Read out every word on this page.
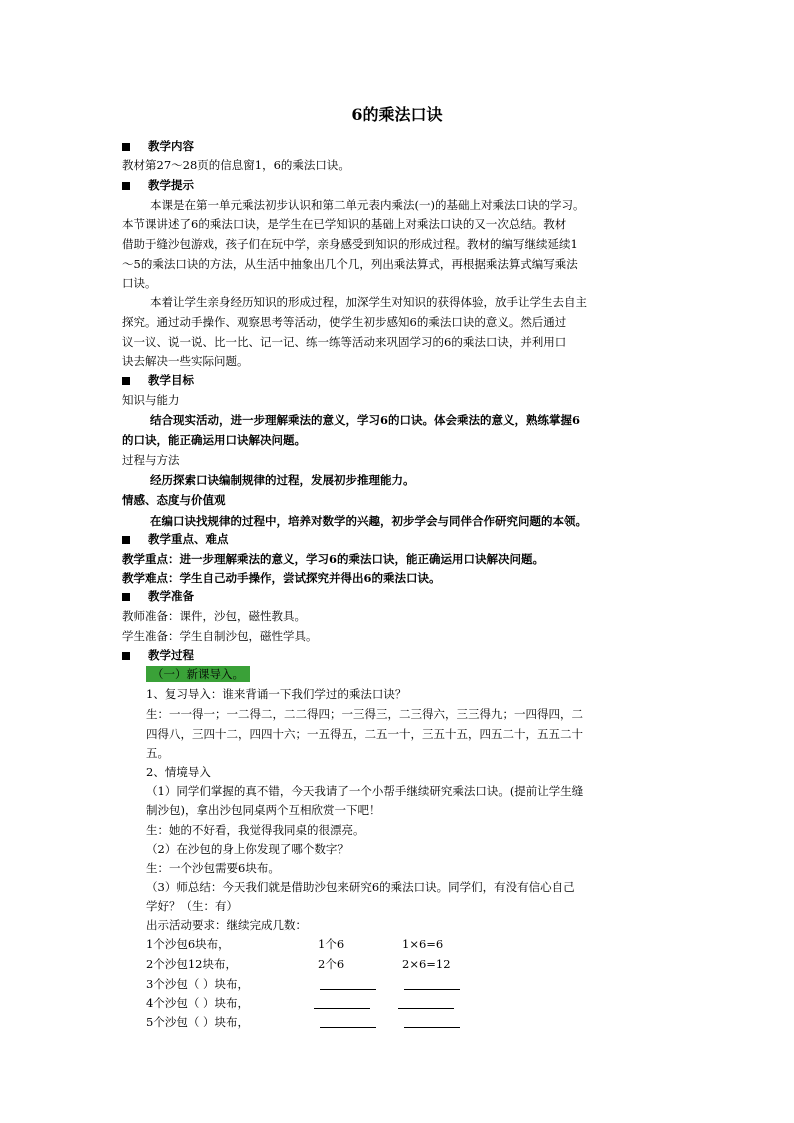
6的乘法口诀
教学内容
教材第27～28页的信息窗1，6的乘法口诀。
教学提示
本课是在第一单元乘法初步认识和第二单元表内乘法(一)的基础上对乘法口诀的学习。
本节课讲述了6的乘法口诀，是学生在已学知识的基础上对乘法口诀的又一次总结。教材
借助于缝沙包游戏，孩子们在玩中学，亲身感受到知识的形成过程。教材的编写继续延续1
～5的乘法口诀的方法，从生活中抽象出几个几，列出乘法算式，再根据乘法算式编写乘法
口诀。
本着让学生亲身经历知识的形成过程，加深学生对知识的获得体验，放手让学生去自主
探究。通过动手操作、观察思考等活动，使学生初步感知6的乘法口诀的意义。然后通过
议一议、说一说、比一比、记一记、练一练等活动来巩固学习的6的乘法口诀，并利用口
诀去解决一些实际问题。
教学目标
知识与能力
结合现实活动，进一步理解乘法的意义，学习6的口诀。体会乘法的意义，熟练掌握6
的口诀，能正确运用口诀解决问题。
过程与方法
经历探索口诀编制规律的过程，发展初步推理能力。
情感、态度与价值观
在编口诀找规律的过程中，培养对数学的兴趣，初步学会与同伴合作研究问题的本领。
教学重点、难点
教学重点：进一步理解乘法的意义，学习6的乘法口诀，能正确运用口诀解决问题。
教学难点：学生自己动手操作，尝试探究并得出6的乘法口诀。
教学准备
教师准备：课件，沙包，磁性教具。
学生准备：学生自制沙包，磁性学具。
教学过程
（一）新课导入。
1、复习导入：谁来背诵一下我们学过的乘法口诀？
生：一一得一；一二得二，二二得四；一三得三，二三得六，三三得九；一四得四，二
四得八，三四十二，四四十六；一五得五，二五一十，三五十五，四五二十，五五二十
五。
2、情境导入
（1）同学们掌握的真不错，今天我请了一个小帮手继续研究乘法口诀。(提前让学生缝
制沙包)，拿出沙包同桌两个互相欣赏一下吧！
生：她的不好看，我觉得我同桌的很漂亮。
（2）在沙包的身上你发现了哪个数字？
生：一个沙包需要6块布。
（3）师总结：今天我们就是借助沙包来研究6的乘法口诀。同学们，有没有信心自己
学好？（生：有）
出示活动要求：继续完成几数：
1个沙包6块布，	1个6	1×6=6
2个沙包12块布，	2个6	2×6=12
3个沙包（ ）块布，
4个沙包（ ）块布，
5个沙包（ ）块布，
